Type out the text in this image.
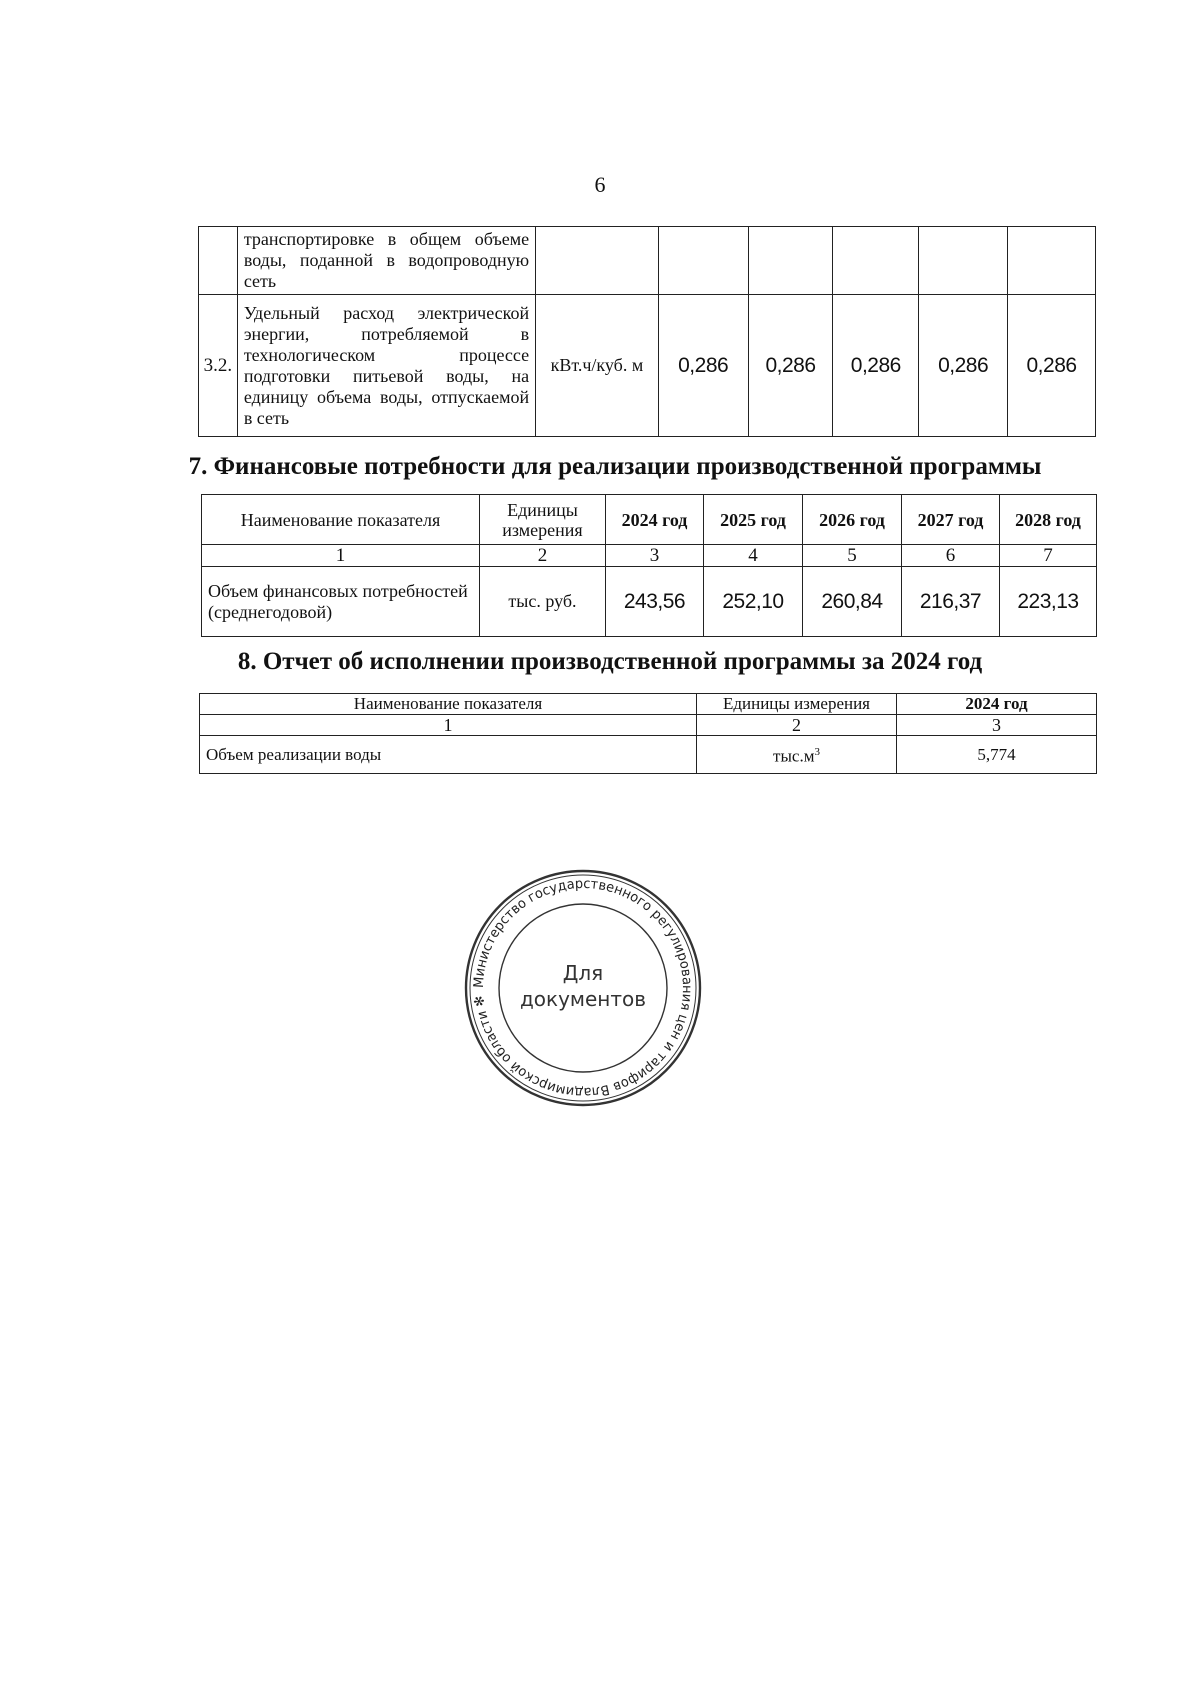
6
	транспортировке в общем объеме воды, поданной в водопроводную сеть						
3.2.	Удельный расход электрической энергии, потребляемой в технологическом процессе подготовки питьевой воды, на единицу объема воды, отпускаемой в сеть	кВт.ч/куб. м	0,286	0,286	0,286	0,286	0,286
7. Финансовые потребности для реализации производственной программы
Наименование показателя	Единицы измерения	2024 год	2025 год	2026 год	2027 год	2028 год
1	2	3	4	5	6	7
Объем финансовых потребностей (среднегодовой)	тыс. руб.	243,56	252,10	260,84	216,37	223,13
8. Отчет об исполнении производственной программы за 2024 год
Наименование показателя	Единицы измерения	2024 год
1	2	3
Объем реализации воды	$тыс.м^3$	5,774
Министерство государственного регулирования цен и тарифов Владимирской области ✻
Для
документов
